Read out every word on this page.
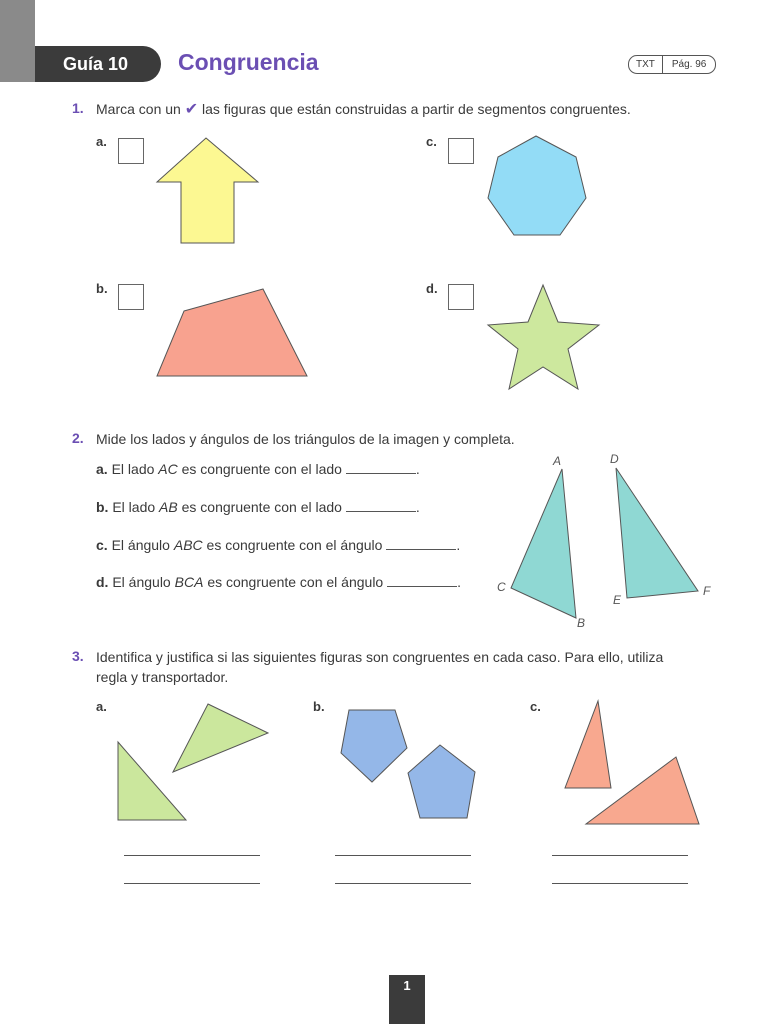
Guía 10	Congruencia	TXT	Pág. 96
1. Marca con un ✔ las figuras que están construidas a partir de segmentos congruentes.
a.	c.
b.	d.
2. Mide los lados y ángulos de los triángulos de la imagen y completa.
a. El lado AC es congruente con el lado	.
b. El lado AB es congruente con el lado	.
c. El ángulo ABC es congruente con el ángulo	.
d. El ángulo BCA es congruente con el ángulo	.
A
B
C
D
E
F
3. Identifica y justifica si las siguientes figuras son congruentes en cada caso. Para ello, utiliza
regla y transportador.
a.	b.	c.
1
